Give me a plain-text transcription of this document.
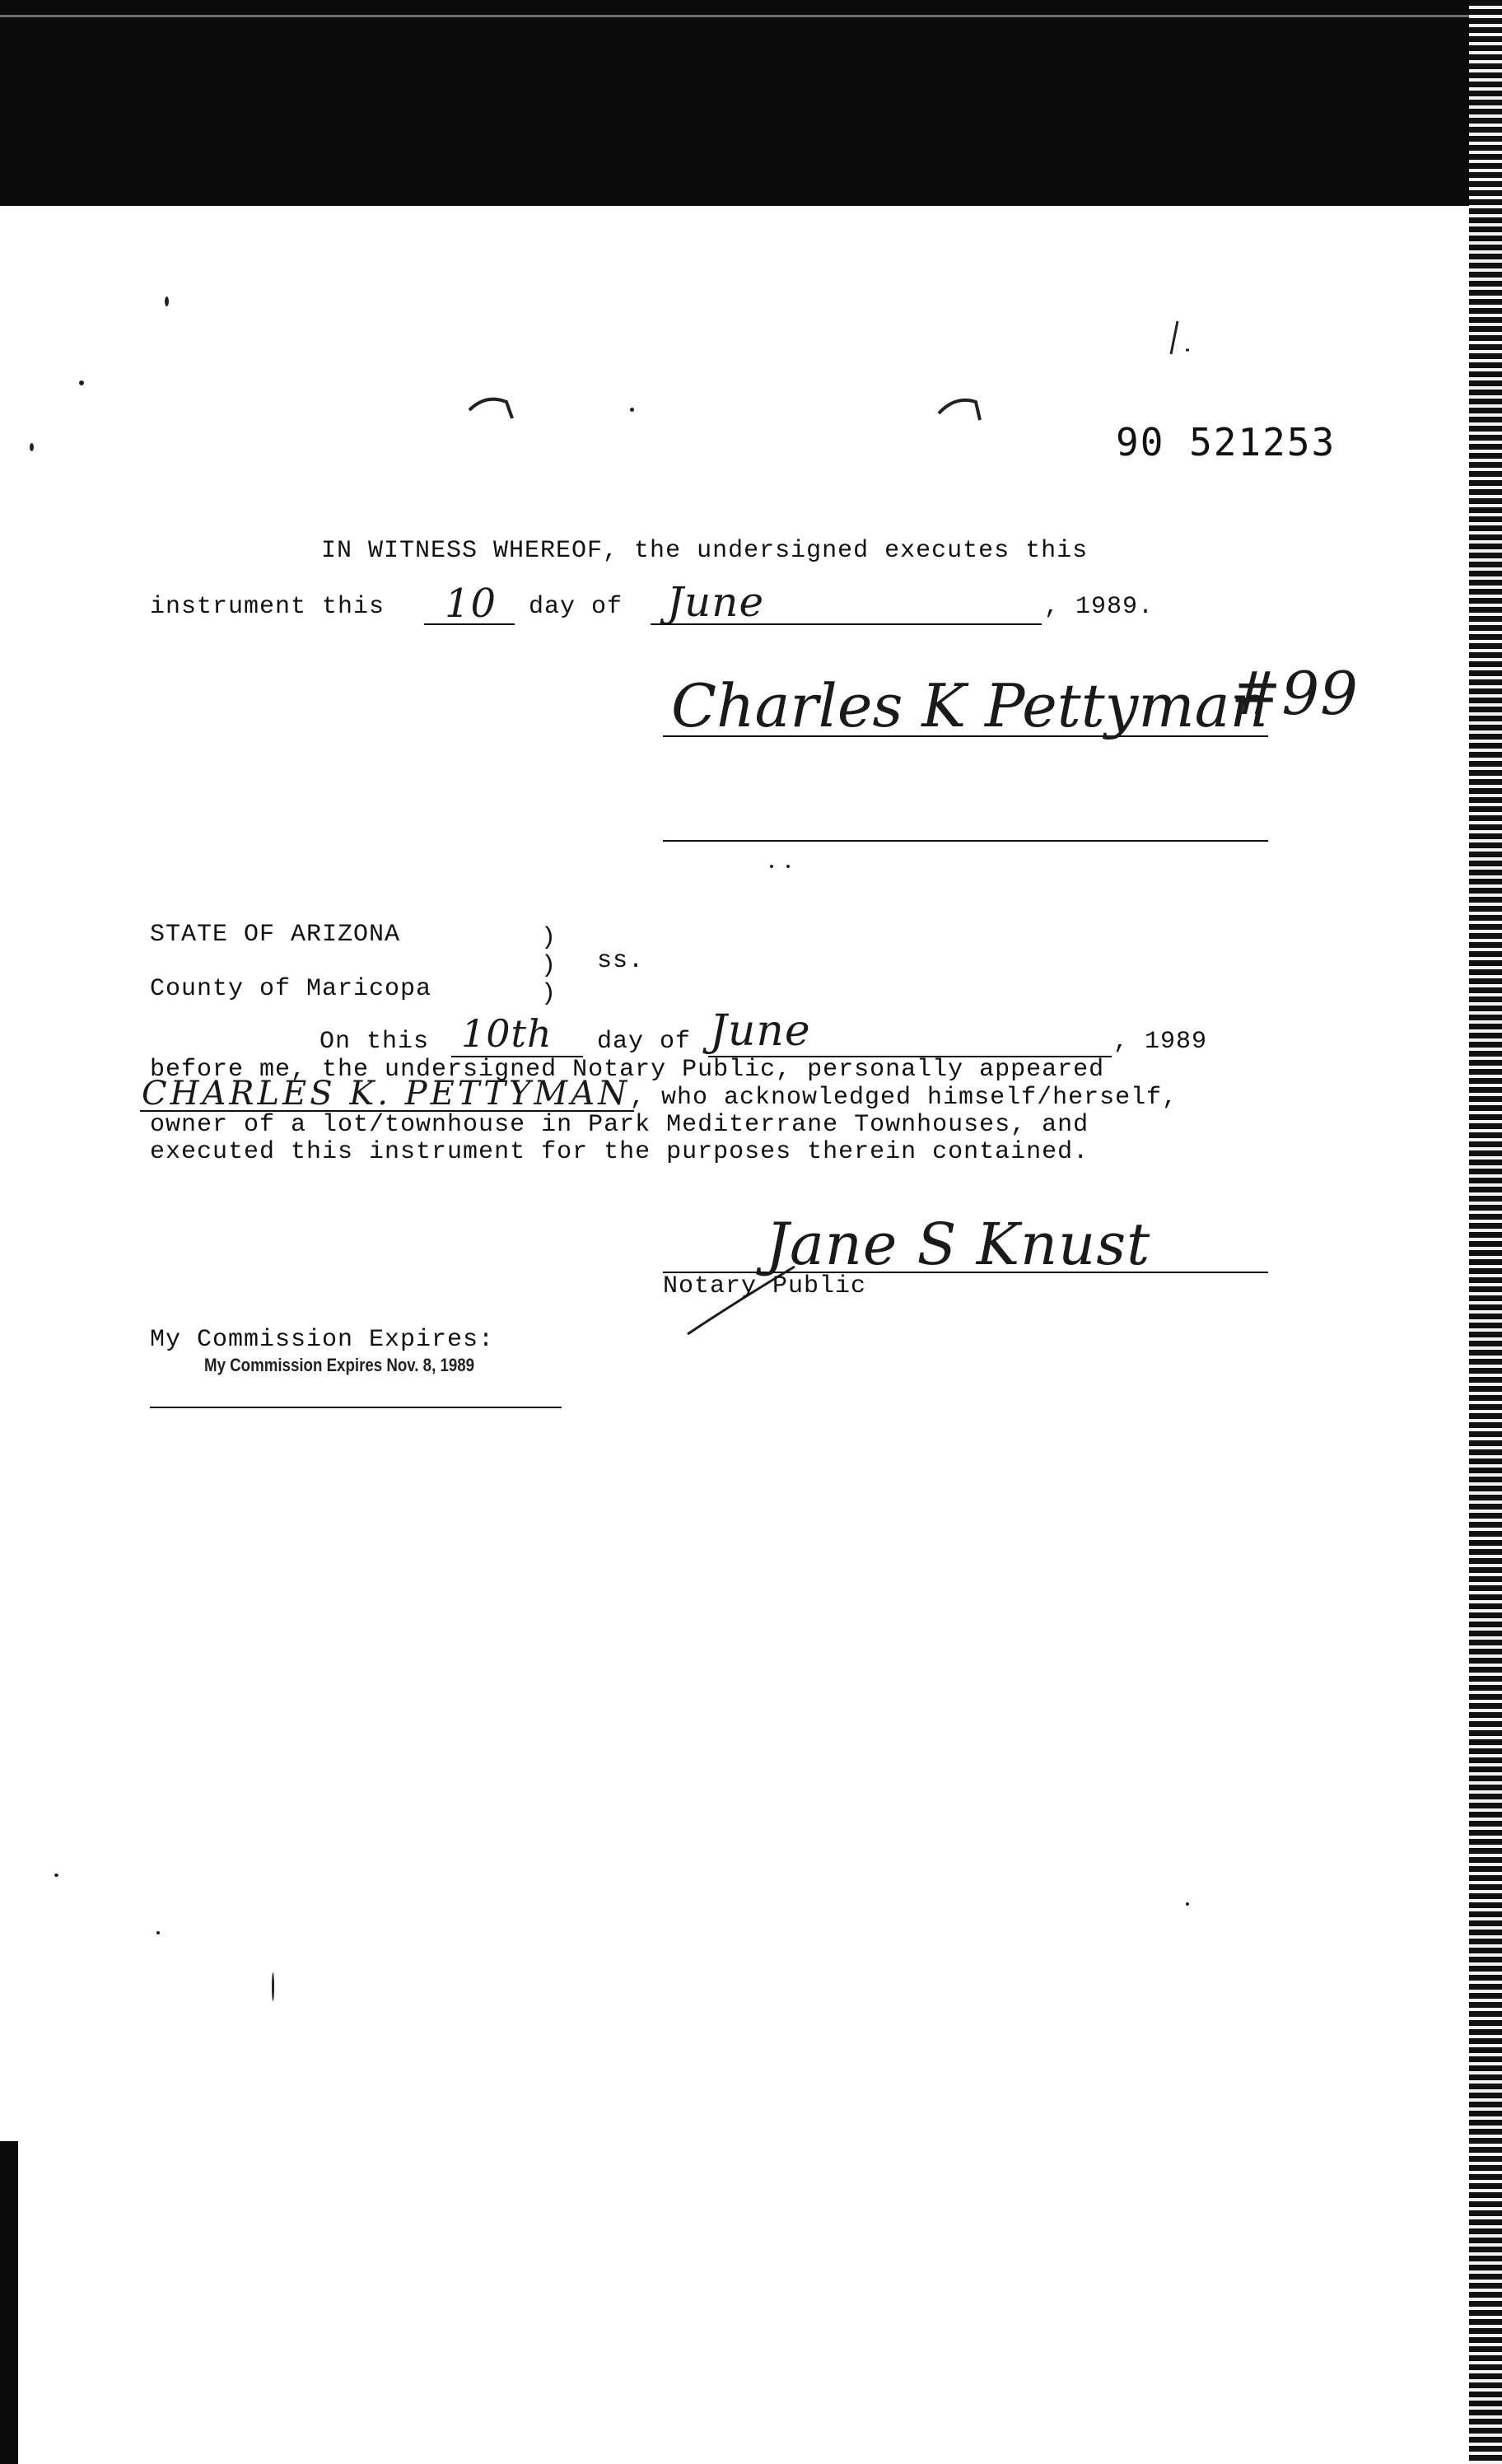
90 521253
IN WITNESS WHEREOF, the undersigned executes this
instrument this 10 day of June	, 1989.
Charles K Pettyman
#99
STATE OF ARIZONA
County of Maricopa
)
)
)
ss.
On this 10th day of June	, 1989
before me, the undersigned Notary Public, personally appeared
CHARLES K. PETTYMAN , who acknowledged himself/herself,
owner of a lot/townhouse in Park Mediterrane Townhouses, and
executed this instrument for the purposes therein contained.
Jane S Knust
Notary Public
My Commission Expires:
My Commission Expires Nov. 8, 1989
